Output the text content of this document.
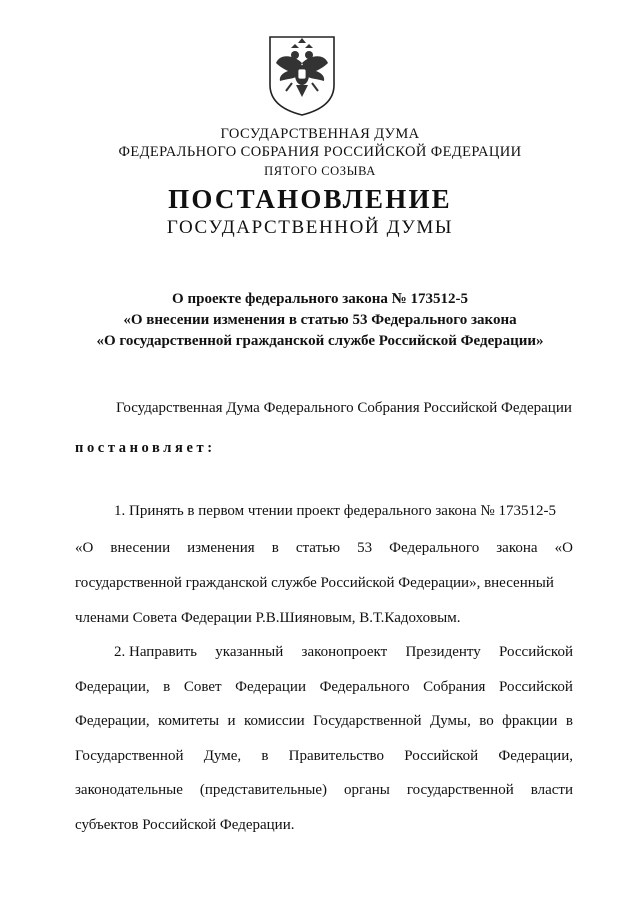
ГОСУДАРСТВЕННАЯ ДУМА
ФЕДЕРАЛЬНОГО СОБРАНИЯ РОССИЙСКОЙ ФЕДЕРАЦИИ
ПЯТОГО СОЗЫВА
ПОСТАНОВЛЕНИЕ
ГОСУДАРСТВЕННОЙ ДУМЫ
О проекте федерального закона № 173512-5
«О внесении изменения в статью 53 Федерального закона
«О государственной гражданской службе Российской Федерации»
Государственная Дума Федерального Собрания Российской Федерации
постановляет:
1. Принять в первом чтении проект федерального закона № 173512-5
«О внесении изменения в статью 53 Федерального закона «О
государственной гражданской службе Российской Федерации», внесенный
членами Совета Федерации Р.В.Шияновым, В.Т.Кадоховым.
2. Направить указанный законопроект Президенту Российской
Федерации, в Совет Федерации Федерального Собрания Российской
Федерации, комитеты и комиссии Государственной Думы, во фракции в
Государственной Думе, в Правительство Российской Федерации,
законодательные (представительные) органы государственной власти
субъектов Российской Федерации.
